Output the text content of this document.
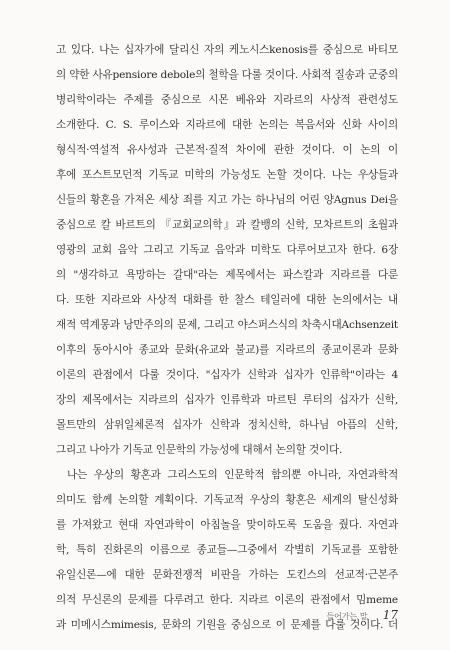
고 있다. 나는 십자가에 달리신 자의 케노시스kenosis를 중심으로 바티모
의 약한 사유pensiore debole의 철학을 다룰 것이다. 사회적 질송과 군중의
병리학이라는 주제를 중심으로 시몬 베유와 지라르의 사상적 관련성도
소개한다. C. S. 루이스와 지라르에 대한 논의는 복음서와 신화 사이의
형식적·역설적 유사성과 근본적·질적 차이에 관한 것이다. 이 논의 이
후에 포스트모던적 기독교 미학의 가능성도 논할 것이다. 나는 우상들과
신들의 황혼을 가져온 세상 죄를 지고 가는 하나님의 어린 양Agnus Dei을
중심으로 칼 바르트의 『교회교의학』과 칼뱅의 신학, 모차르트의 초월과
영광의 교회 음악 그리고 기독교 음악과 미학도 다루어보고자 한다. 6장
의 "생각하고 욕망하는 갈대"라는 제목에서는 파스칼과 지라르를 다룬
다. 또한 지라르와 사상적 대화를 한 찰스 테일러에 대한 논의에서는 내
재적 역계몽과 낭만주의의 문제, 그리고 야스퍼스식의 차축시대Achsenzeit
이후의 동아시아 종교와 문화(유교와 불교)를 지라르의 종교이론과 문화
이론의 관점에서 다룰 것이다. "십자가 신학과 십자가 인류학"이라는 4
장의 제목에서는 지라르의 십자가 인류학과 마르틴 루터의 십자가 신학,
몰트만의 삼위일체론적 십자가 신학과 정치신학, 하나님 아픔의 신학,
그리고 나아가 기독교 인문학의 가능성에 대해서 논의할 것이다.
나는 우상의 황혼과 그리스도의 인문학적 함의뿐 아니라, 자연과학적
의미도 함께 논의할 계획이다. 기독교적 우상의 황혼은 세계의 탈신성화
를 가져왔고 현대 자연과학이 아침놀을 맞이하도록 도움을 줬다. 자연과
학, 특히 진화론의 이름으로 종교들—그중에서 각별히 기독교를 포함한
유일신론—에 대한 문화전쟁적 비판을 가하는 도킨스의 선교적·근본주
의적 무신론의 문제를 다루려고 한다. 지라르 이론의 관점에서 밈meme
과 미메시스mimesis, 문화의 기원을 중심으로 이 문제를 다룰 것이다. 더
들어가는 말 17
